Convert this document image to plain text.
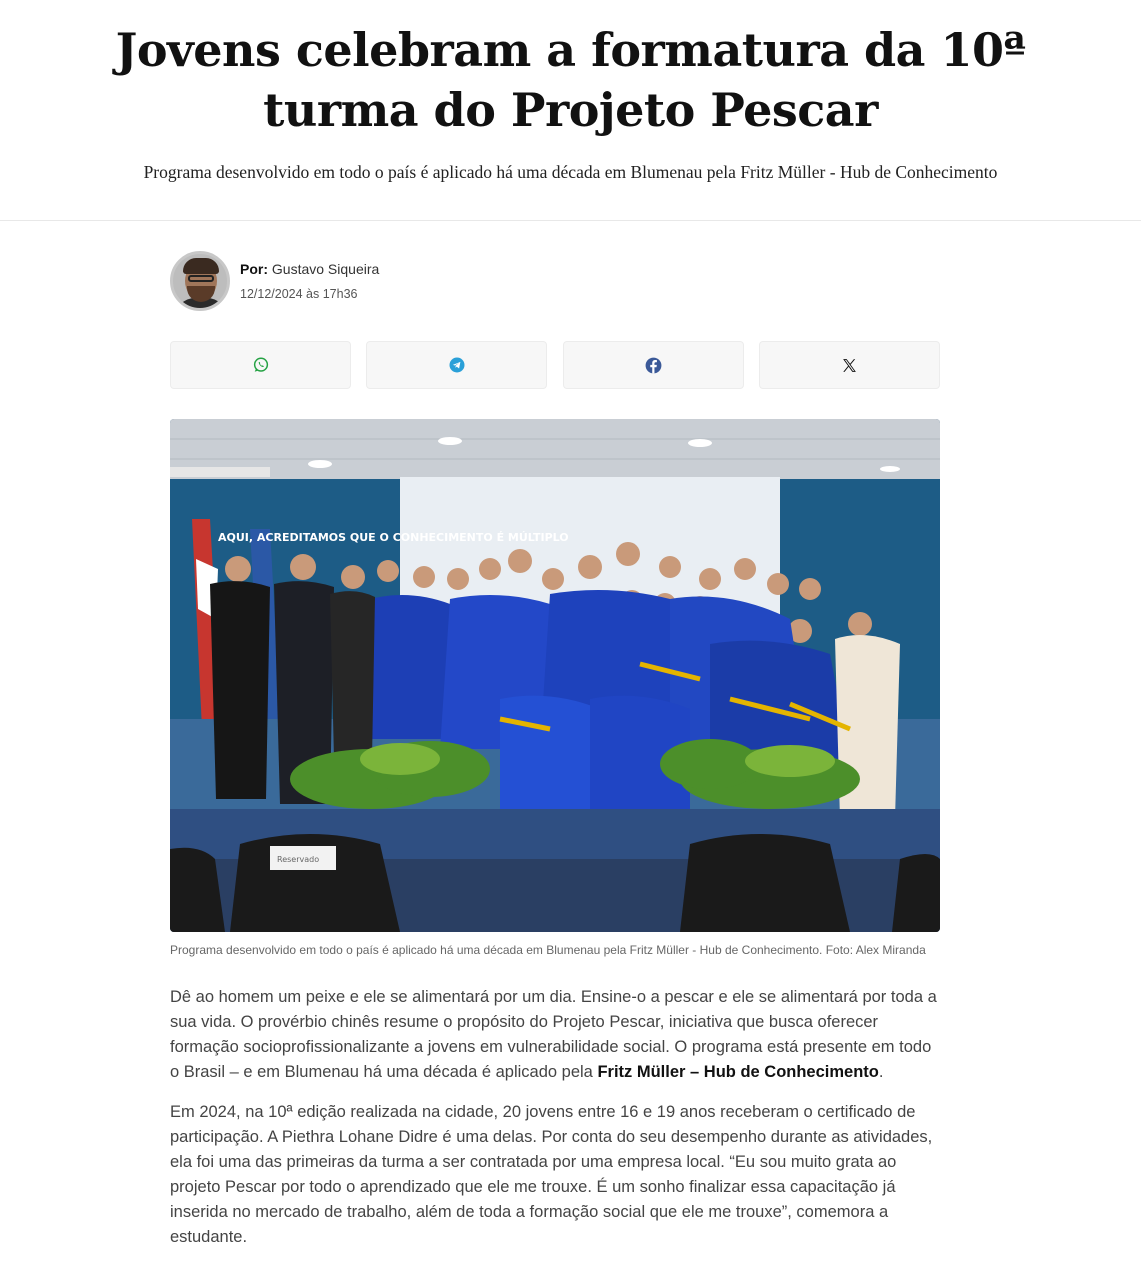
Jovens celebram a formatura da 10ª turma do Projeto Pescar

Programa desenvolvido em todo o país é aplicado há uma década em Blumenau pela Fritz Müller - Hub de Conhecimento

Por: Gustavo Siqueira
12/12/2024 às 17h36
AQUI, ACREDITAMOS QUE O CONHECIMENTO É MÚLTIPLO
Reservado

Programa desenvolvido em todo o país é aplicado há uma década em Blumenau pela Fritz Müller - Hub de Conhecimento. Foto: Alex Miranda

Dê ao homem um peixe e ele se alimentará por um dia. Ensine-o a pescar e ele se alimentará por toda a sua vida. O provérbio chinês resume o propósito do Projeto Pescar, iniciativa que busca oferecer formação socioprofissionalizante a jovens em vulnerabilidade social. O programa está presente em todo o Brasil – e em Blumenau há uma década é aplicado pela Fritz Müller – Hub de Conhecimento.

Em 2024, na 10ª edição realizada na cidade, 20 jovens entre 16 e 19 anos receberam o certificado de participação. A Piethra Lohane Didre é uma delas. Por conta do seu desempenho durante as atividades, ela foi uma das primeiras da turma a ser contratada por uma empresa local. “Eu sou muito grata ao projeto Pescar por todo o aprendizado que ele me trouxe. É um sonho finalizar essa capacitação já inserida no mercado de trabalho, além de toda a formação social que ele me trouxe”, comemora a estudante.
